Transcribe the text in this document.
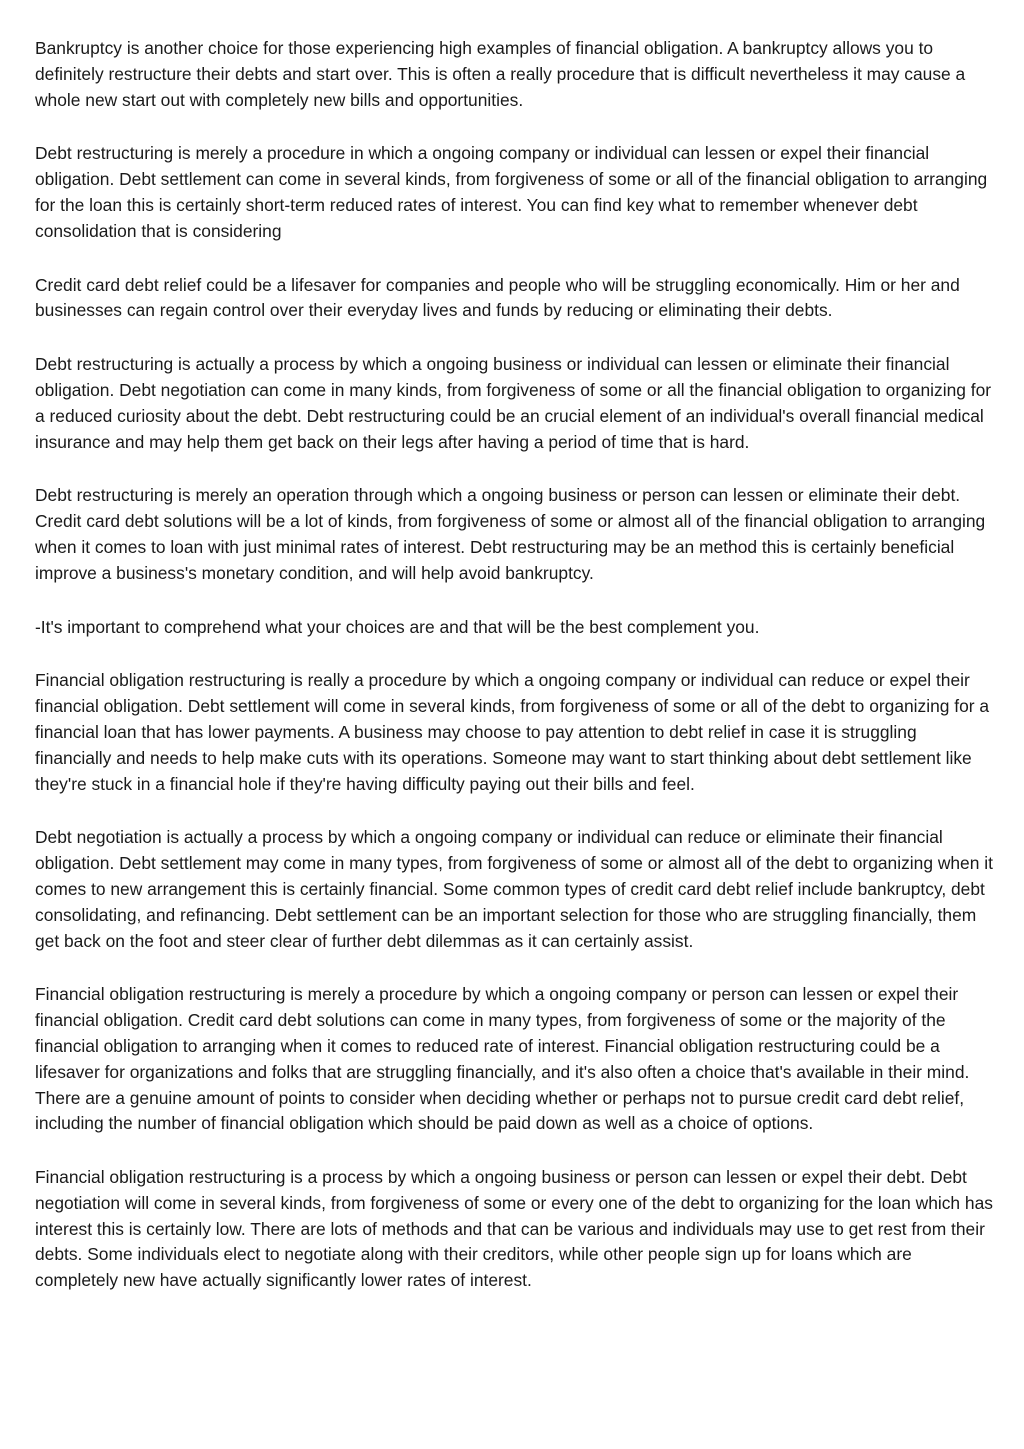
Bankruptcy is another choice for those experiencing high examples of financial obligation. A bankruptcy allows you to definitely restructure their debts and start over. This is often a really procedure that is difficult nevertheless it may cause a whole new start out with completely new bills and opportunities.

Debt restructuring is merely a procedure in which a ongoing company or individual can lessen or expel their financial obligation. Debt settlement can come in several kinds, from forgiveness of some or all of the financial obligation to arranging for the loan this is certainly short-term reduced rates of interest. You can find key what to remember whenever debt consolidation that is considering

Credit card debt relief could be a lifesaver for companies and people who will be struggling economically. Him or her and businesses can regain control over their everyday lives and funds by reducing or eliminating their debts.

Debt restructuring is actually a process by which a ongoing business or individual can lessen or eliminate their financial obligation. Debt negotiation can come in many kinds, from forgiveness of some or all the financial obligation to organizing for a reduced curiosity about the debt. Debt restructuring could be an crucial element of an individual's overall financial medical insurance and may help them get back on their legs after having a period of time that is hard.

Debt restructuring is merely an operation through which a ongoing business or person can lessen or eliminate their debt. Credit card debt solutions will be a lot of kinds, from forgiveness of some or almost all of the financial obligation to arranging when it comes to loan with just minimal rates of interest. Debt restructuring may be an method this is certainly beneficial improve a business's monetary condition, and will help avoid bankruptcy.

-It's important to comprehend what your choices are and that will be the best complement you.

Financial obligation restructuring is really a procedure by which a ongoing company or individual can reduce or expel their financial obligation. Debt settlement will come in several kinds, from forgiveness of some or all of the debt to organizing for a financial loan that has lower payments. A business may choose to pay attention to debt relief in case it is struggling financially and needs to help make cuts with its operations. Someone may want to start thinking about debt settlement like they're stuck in a financial hole if they're having difficulty paying out their bills and feel.

Debt negotiation is actually a process by which a ongoing company or individual can reduce or eliminate their financial obligation. Debt settlement may come in many types, from forgiveness of some or almost all of the debt to organizing when it comes to new arrangement this is certainly financial. Some common types of credit card debt relief include bankruptcy, debt consolidating, and refinancing. Debt settlement can be an important selection for those who are struggling financially, them get back on the foot and steer clear of further debt dilemmas as it can certainly assist.

Financial obligation restructuring is merely a procedure by which a ongoing company or person can lessen or expel their financial obligation. Credit card debt solutions can come in many types, from forgiveness of some or the majority of the financial obligation to arranging when it comes to reduced rate of interest. Financial obligation restructuring could be a lifesaver for organizations and folks that are struggling financially, and it's also often a choice that's available in their mind. There are a genuine amount of points to consider when deciding whether or perhaps not to pursue credit card debt relief, including the number of financial obligation which should be paid down as well as a choice of options.

Financial obligation restructuring is a process by which a ongoing business or person can lessen or expel their debt. Debt negotiation will come in several kinds, from forgiveness of some or every one of the debt to organizing for the loan which has interest this is certainly low. There are lots of methods and that can be various and individuals may use to get rest from their debts. Some individuals elect to negotiate along with their creditors, while other people sign up for loans which are completely new have actually significantly lower rates of interest.
